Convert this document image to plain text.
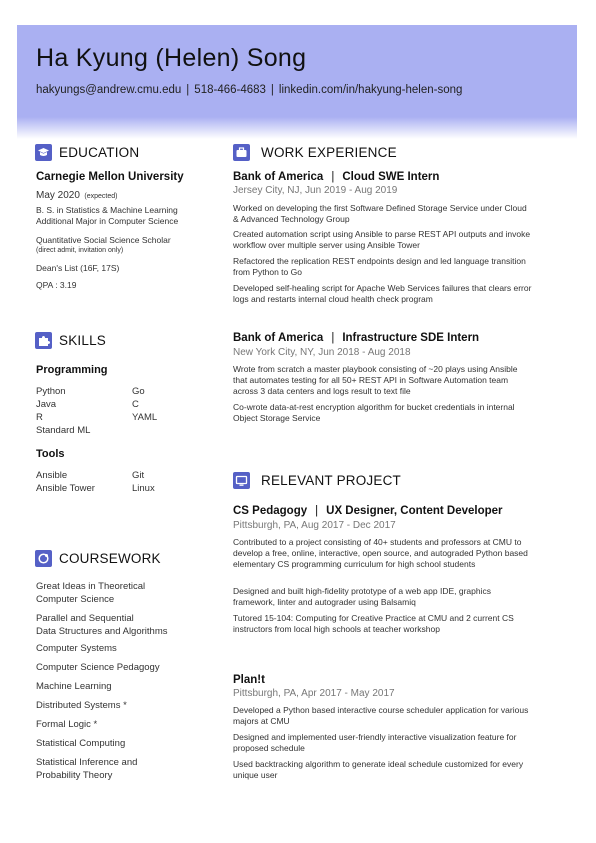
Ha Kyung (Helen) Song
hakyungs@andrew.cmu.edu | 518-466-4683 | linkedin.com/in/hakyung-helen-song
EDUCATION
Carnegie Mellon University
May 2020 (expected)
B. S. in Statistics & Machine Learning
Additional Major in Computer Science
Quantitative Social Science Scholar
(direct admit, invitation only)
Dean's List (16F, 17S)
QPA : 3.19
SKILLS
Programming
Python	Go
Java	C
R	YAML
Standard ML
Tools
Ansible	Git
Ansible Tower	Linux
COURSEWORK
Great Ideas in Theoretical
Computer Science
Parallel and Sequential
Data Structures and Algorithms
Computer Systems
Computer Science Pedagogy
Machine Learning
Distributed Systems *
Formal Logic *
Statistical Computing
Statistical Inference and
Probability Theory
WORK EXPERIENCE
Bank of America | Cloud SWE Intern
Jersey City, NJ, Jun 2019 - Aug 2019
Worked on developing the first Software Defined Storage Service under Cloud & Advanced Technology Group
Created automation script using Ansible to parse REST API outputs and invoke workflow over multiple server using Ansible Tower
Refactored the replication REST endpoints design and led language transition from Python to Go
Developed self-healing script for Apache Web Services failures that clears error logs and restarts internal cloud health check program
Bank of America | Infrastructure SDE Intern
New York City, NY, Jun 2018 - Aug 2018
Wrote from scratch a master playbook consisting of ~20 plays using Ansible that automates testing for all 50+ REST API in Software Automation team across 3 data centers and logs result to text file
Co-wrote data-at-rest encryption algorithm for bucket credentials in internal Object Storage Service
RELEVANT PROJECT
CS Pedagogy | UX Designer, Content Developer
Pittsburgh, PA, Aug 2017 - Dec 2017
Contributed to a project consisting of 40+ students and professors at CMU to develop a free, online, interactive, open source, and autograded Python based elementary CS programming curriculum for high school students
Designed and built high-fidelity prototype of a web app IDE, graphics framework, linter and autograder using Balsamiq
Tutored 15-104: Computing for Creative Practice at CMU and 2 current CS instructors from local high schools at teacher workshop
Plan!t
Pittsburgh, PA, Apr 2017 - May 2017
Developed a Python based interactive course scheduler application for various majors at CMU
Designed and implemented user-friendly interactive visualization feature for proposed schedule
Used backtracking algorithm to generate ideal schedule customized for every unique user
